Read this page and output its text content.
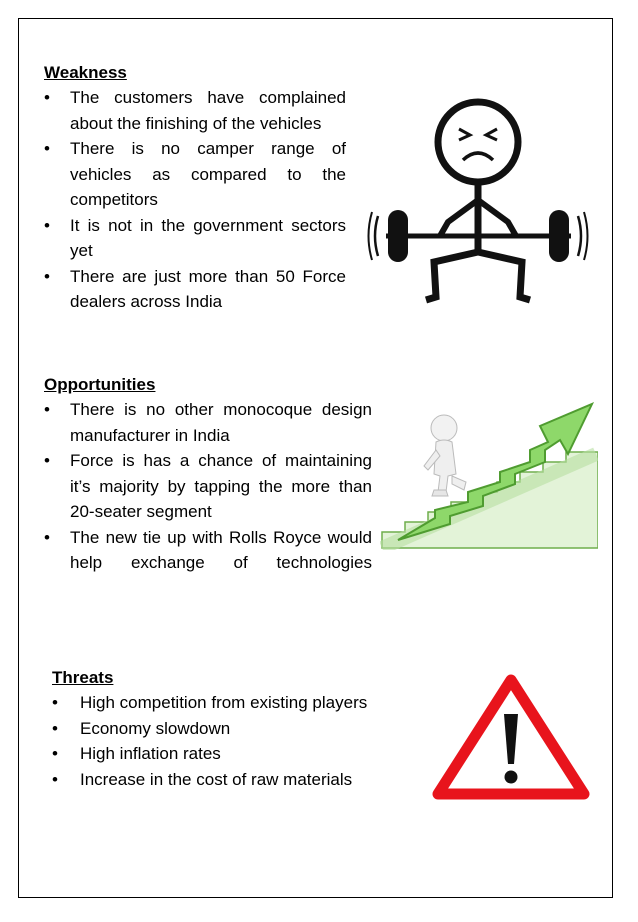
Weakness
• The customers have complained about the finishing of the vehicles
• There is no camper range of vehicles as compared to the competitors
• It is not in the government sectors yet
• There are just more than 50 Force dealers across India
Opportunities
• There is no other monocoque design manufacturer in India
• Force is has a chance of maintaining it’s majority by tapping the more than 20-seater segment
• The new tie up with Rolls Royce would help exchange of technologies
Threats
• High competition from existing players
• Economy slowdown
• High inflation rates
• Increase in the cost of raw materials
